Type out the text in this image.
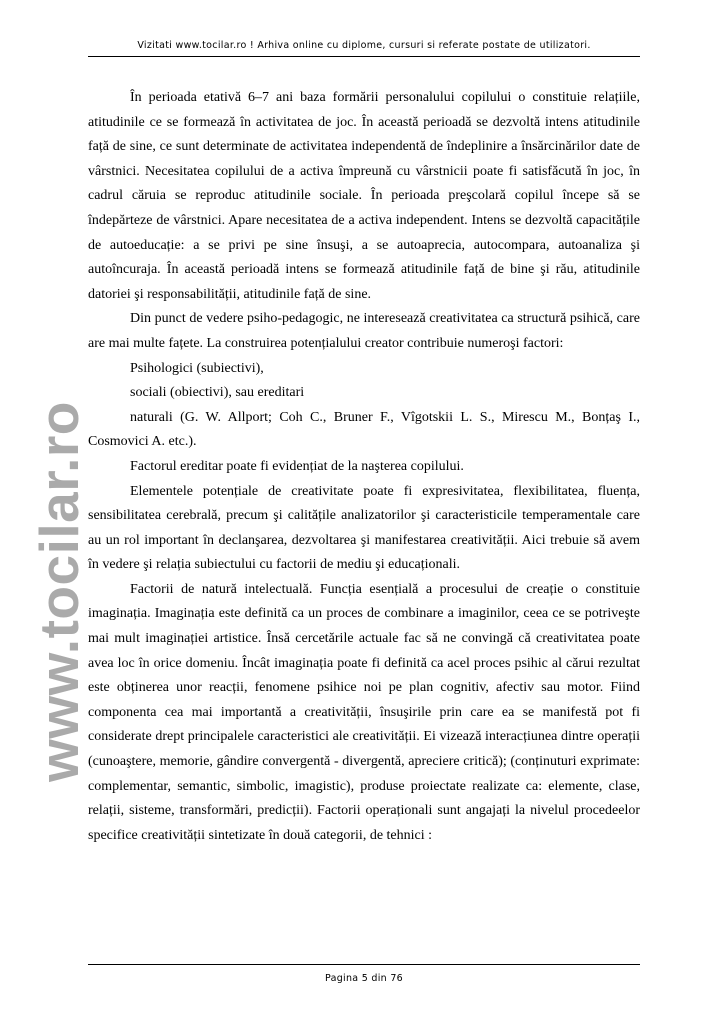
Vizitati www.tocilar.ro ! Arhiva online cu diplome, cursuri si referate postate de utilizatori.
www.tocilar.ro

În perioada etativă 6–7 ani baza formării personalului copilului o constituie relațiile, atitudinile ce se formează în activitatea de joc. În această perioadă se dezvoltă intens atitudinile față de sine, ce sunt determinate de activitatea independentă de îndeplinire a însărcinărilor date de vârstnici. Necesitatea copilului de a activa împreună cu vârstnicii poate fi satisfăcută în joc, în cadrul căruia se reproduc atitudinile sociale. În perioada preşcolară copilul începe să se îndepărteze de vârstnici. Apare necesitatea de a activa independent. Intens se dezvoltă capacitățile de autoeducație: a se privi pe sine însuşi, a se autoaprecia, autocompara, autoanaliza şi autoîncuraja. În această perioadă intens se formează atitudinile față de bine şi rău, atitudinile datoriei şi responsabilității, atitudinile față de sine.

Din punct de vedere psiho-pedagogic, ne interesează creativitatea ca structură psihică, care are mai multe fațete. La construirea potențialului creator contribuie numeroşi factori:

Psihologici (subiectivi),

sociali (obiectivi), sau ereditari

naturali (G. W. Allport; Coh C., Bruner F., Vîgotskii L. S., Mirescu M., Bonțaş I., Cosmovici A. etc.).

Factorul ereditar poate fi evidențiat de la naşterea copilului.

Elementele potențiale de creativitate poate fi expresivitatea, flexibilitatea, fluența, sensibilitatea cerebrală, precum şi calitățile analizatorilor şi caracteristicile temperamentale care au un rol important în declanşarea, dezvoltarea şi manifestarea creativității. Aici trebuie să avem în vedere şi relația subiectului cu factorii de mediu şi educaționali.

Factorii de natură intelectuală. Funcția esențială a procesului de creație o constituie imaginația. Imaginația este definită ca un proces de combinare a imaginilor, ceea ce se potriveşte mai mult imaginației artistice. Însă cercetările actuale fac să ne convingă că creativitatea poate avea loc în orice domeniu. Încât imaginația poate fi definită ca acel proces psihic al cărui rezultat este obținerea unor reacții, fenomene psihice noi pe plan cognitiv, afectiv sau motor. Fiind componenta cea mai importantă a creativității, însuşirile prin care ea se manifestă pot fi considerate drept principalele caracteristici ale creativității. Ei vizează interacțiunea dintre operații (cunoaştere, memorie, gândire convergentă - divergentă, apreciere critică); (conținuturi exprimate: complementar, semantic, simbolic, imagistic), produse proiectate realizate ca: elemente, clase, relații, sisteme, transformări, predicții). Factorii operaționali sunt angajați la nivelul procedeelor specifice creativității sintetizate în două categorii, de tehnici :

Pagina 5 din 76
